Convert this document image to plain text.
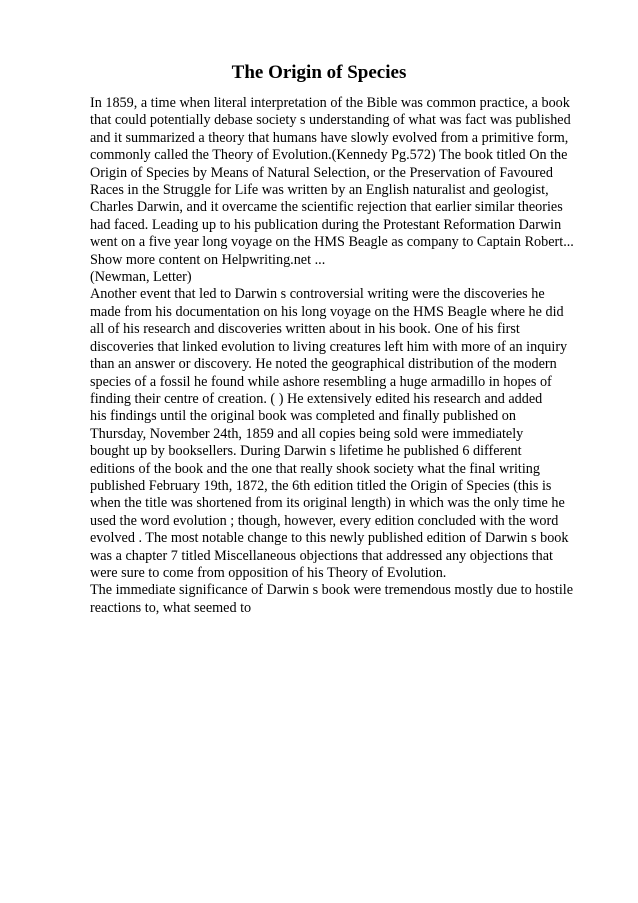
The Origin of Species
In 1859, a time when literal interpretation of the Bible was common practice, a book
that could potentially debase society s understanding of what was fact was published
and it summarized a theory that humans have slowly evolved from a primitive form,
commonly called the Theory of Evolution.(Kennedy Pg.572) The book titled On the
Origin of Species by Means of Natural Selection, or the Preservation of Favoured
Races in the Struggle for Life was written by an English naturalist and geologist,
Charles Darwin, and it overcame the scientific rejection that earlier similar theories
had faced. Leading up to his publication during the Protestant Reformation Darwin
went on a five year long voyage on the HMS Beagle as company to Captain Robert...
Show more content on Helpwriting.net ...
(Newman, Letter)
Another event that led to Darwin s controversial writing were the discoveries he
made from his documentation on his long voyage on the HMS Beagle where he did
all of his research and discoveries written about in his book. One of his first
discoveries that linked evolution to living creatures left him with more of an inquiry
than an answer or discovery. He noted the geographical distribution of the modern
species of a fossil he found while ashore resembling a huge armadillo in hopes of
finding their centre of creation. ( ) He extensively edited his research and added
his findings until the original book was completed and finally published on
Thursday, November 24th, 1859 and all copies being sold were immediately
bought up by booksellers. During Darwin s lifetime he published 6 different
editions of the book and the one that really shook society what the final writing
published February 19th, 1872, the 6th edition titled the Origin of Species (this is
when the title was shortened from its original length) in which was the only time he
used the word evolution ; though, however, every edition concluded with the word
evolved . The most notable change to this newly published edition of Darwin s book
was a chapter 7 titled Miscellaneous objections that addressed any objections that
were sure to come from opposition of his Theory of Evolution.
The immediate significance of Darwin s book were tremendous mostly due to hostile
reactions to, what seemed to
